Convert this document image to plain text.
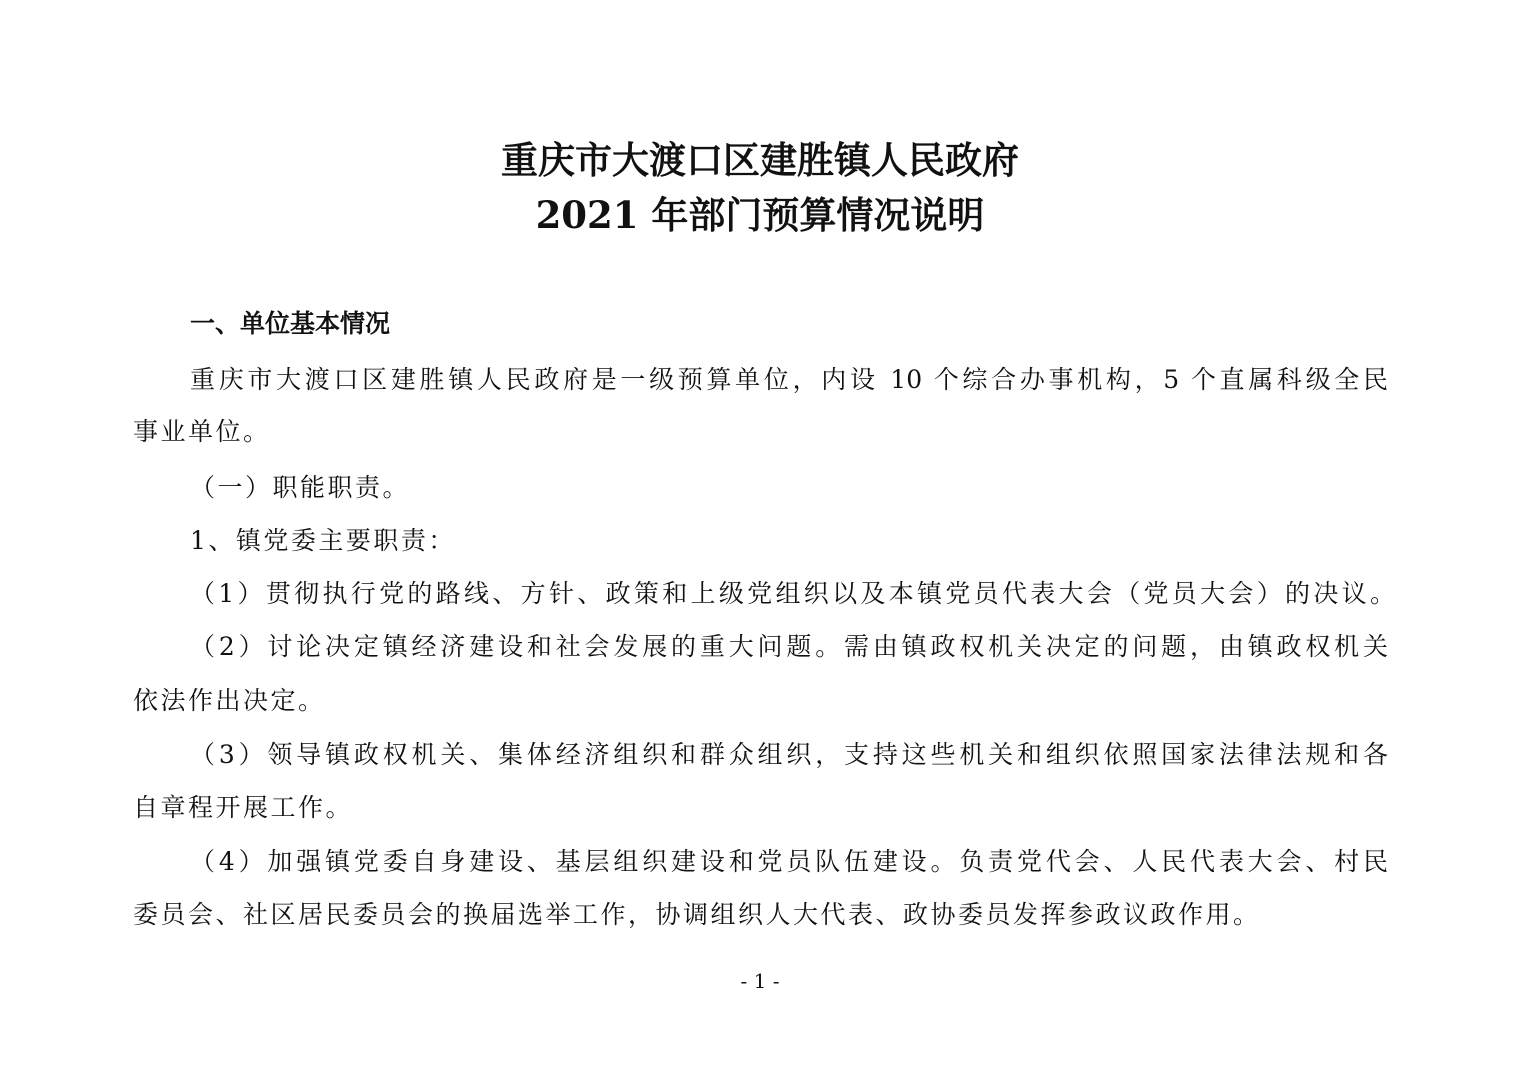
重庆市大渡口区建胜镇人民政府
2021 年部门预算情况说明
一、单位基本情况
重庆市大渡口区建胜镇人民政府是一级预算单位，内设 10 个综合办事机构，5 个直属科级全民
事业单位。
（一）职能职责。
1、镇党委主要职责：
（1）贯彻执行党的路线、方针、政策和上级党组织以及本镇党员代表大会（党员大会）的决议。
（2）讨论决定镇经济建设和社会发展的重大问题。需由镇政权机关决定的问题，由镇政权机关
依法作出决定。
（3）领导镇政权机关、集体经济组织和群众组织，支持这些机关和组织依照国家法律法规和各
自章程开展工作。
（4）加强镇党委自身建设、基层组织建设和党员队伍建设。负责党代会、人民代表大会、村民
委员会、社区居民委员会的换届选举工作，协调组织人大代表、政协委员发挥参政议政作用。
- 1 -
